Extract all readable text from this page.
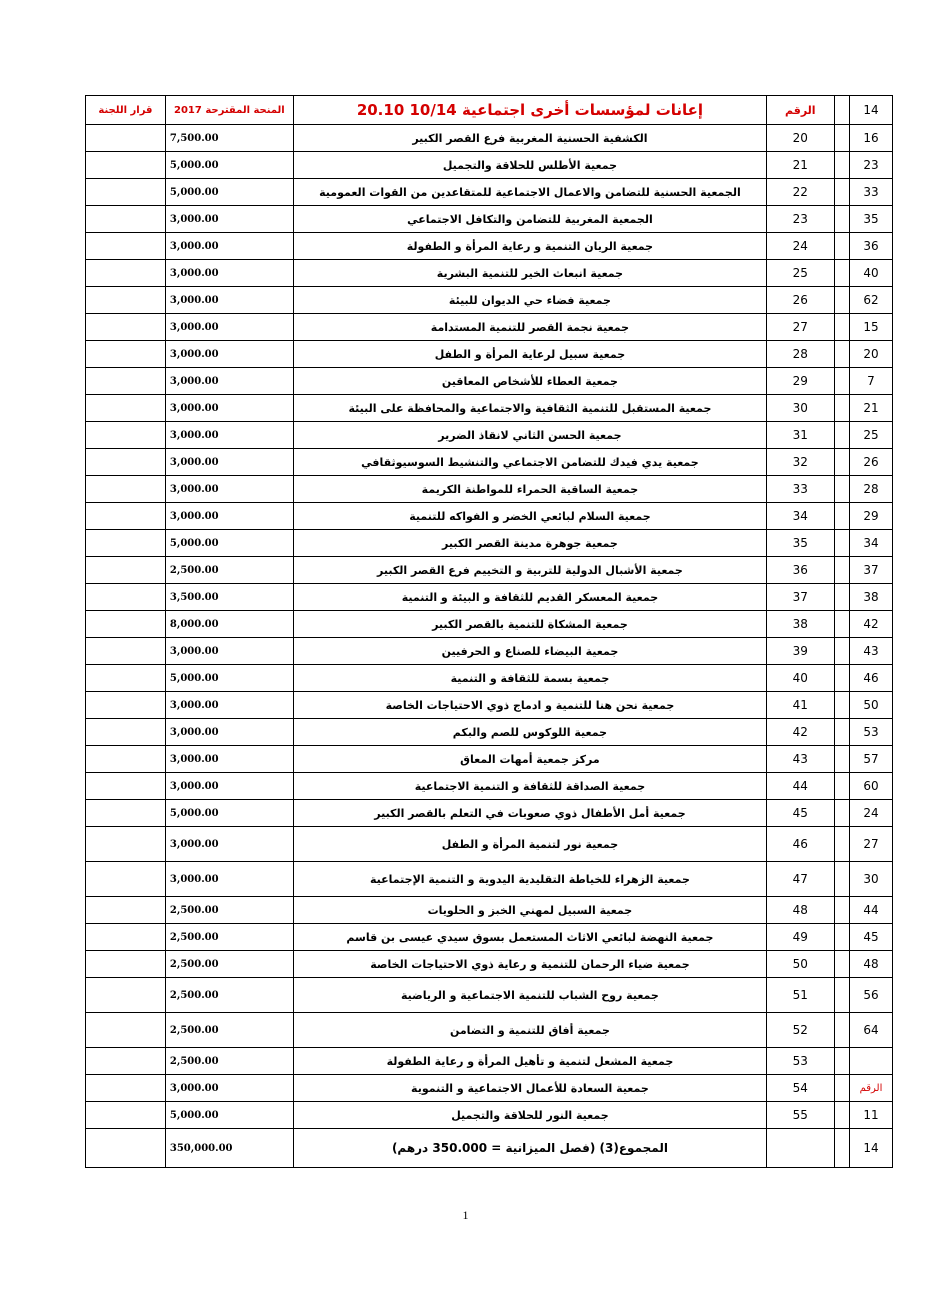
قرار اللجنة	المنحة المقترحة 2017	إعانات لمؤسسات أخرى اجتماعية 10/14 20.10	الرقم		14
	7,500.00	الكشفية الحسنية المغربية فرع القصر الكبير	20		16
	5,000.00	جمعية الأطلس للحلاقة والتجميل	21		23
	5,000.00	الجمعية الحسنية للتضامن والاعمال الاجتماعية للمتقاعدين من القوات العمومية	22		33
	3,000.00	الجمعية المغربية للتضامن والتكافل الاجتماعي	23		35
	3,000.00	جمعية الريان التنمية و رعاية المرأة و الطفولة	24		36
	3,000.00	جمعية انبعاث الخير للتنمية البشرية	25		40
	3,000.00	جمعية فضاء حي الديوان للبيئة	26		62
	3,000.00	جمعية نجمة القصر للتنمية المستدامة	27		15
	3,000.00	جمعية سبيل لرعاية المرأة و الطفل	28		20
	3,000.00	جمعية العطاء للأشخاص المعاقين	29		7
	3,000.00	جمعية المستقبل للتنمية الثقافية والاجتماعية والمحافظة على البيئة	30		21
	3,000.00	جمعية الحسن الثاني لانقاذ الضرير	31		25
	3,000.00	جمعية يدي فيدك للتضامن الاجتماعي والتنشيط السوسيوثقافي	32		26
	3,000.00	جمعية الساقية الحمراء للمواطنة الكريمة	33		28
	3,000.00	جمعية السلام لبائعي الخضر و الفواكه للتنمية	34		29
	5,000.00	جمعية جوهرة مدينة القصر الكبير	35		34
	2,500.00	جمعية الأشبال الدولية للتربية و التخييم فرع القصر الكبير	36		37
	3,500.00	جمعية المعسكر القديم للثقافة و البيئة و التنمية	37		38
	8,000.00	جمعية المشكاة للتنمية بالقصر الكبير	38		42
	3,000.00	جمعية البيضاء للصناع و الحرفيين	39		43
	5,000.00	جمعية بسمة للثقافة و التنمية	40		46
	3,000.00	جمعية نحن هنا للتنمية و ادماج ذوي الاحتياجات الخاصة	41		50
	3,000.00	جمعية اللوكوس للصم والبكم	42		53
	3,000.00	مركز جمعية أمهات المعاق	43		57
	3,000.00	جمعية الصداقة للثقافة و التنمية الاجتماعية	44		60
	5,000.00	جمعية أمل الأطفال ذوي صعوبات في التعلم بالقصر الكبير	45		24
	3,000.00	جمعية نور لتنمية المرأة و الطفل	46		27
	3,000.00	جمعية الزهراء للخياطة التقليدية اليدوية و التنمية الإجتماعية	47		30
	2,500.00	جمعية السبيل لمهني الخبز و الحلويات	48		44
	2,500.00	جمعية النهضة لبائعي الاثاث المستعمل بسوق سيدي عيسى بن قاسم	49		45
	2,500.00	جمعية ضياء الرحمان للتنمية و رعاية ذوي الاحتياجات الخاصة	50		48
	2,500.00	جمعية روح الشباب للتنمية الاجتماعية و الرياضية	51		56
	2,500.00	جمعية أفاق للتنمية و التضامن	52		64
	2,500.00	جمعية المشعل لتنمية و تأهيل المرأة و رعاية الطفولة	53		
	3,000.00	جمعية السعادة للأعمال الاجتماعية و التنموية	54		الرقم
	5,000.00	جمعية النور للحلاقة والتجميل	55		11
	350,000.00	المجموع(3) (فصل الميزانية = 350.000 درهم)			14
1
